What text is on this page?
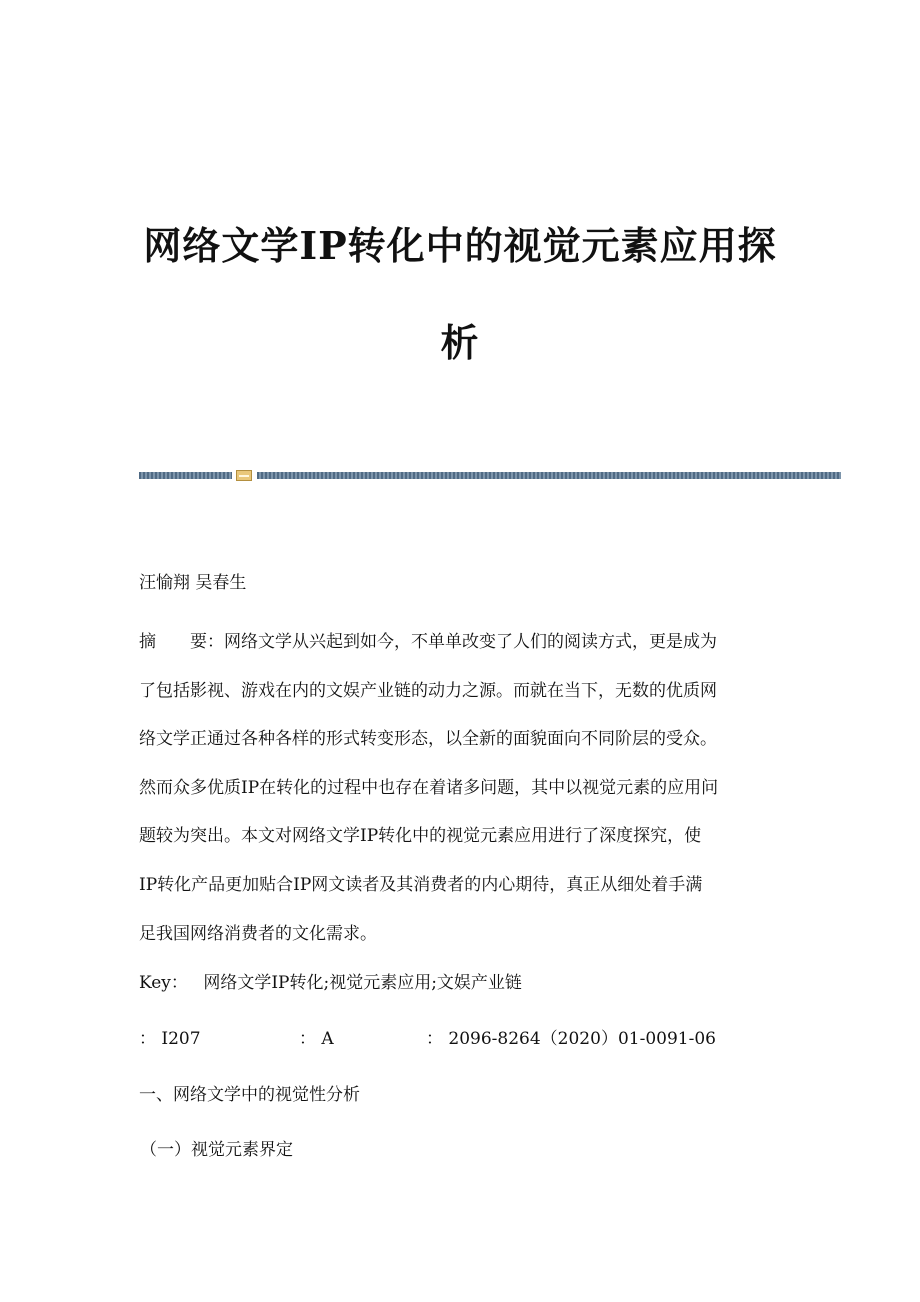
网络文学IP转化中的视觉元素应用探
析
汪愉翔 吴春生

摘　　要：网络文学从兴起到如今，不单单改变了人们的阅读方式，更是成为

了包括影视、游戏在内的文娱产业链的动力之源。而就在当下，无数的优质网

络文学正通过各种各样的形式转变形态，以全新的面貌面向不同阶层的受众。

然而众多优质IP在转化的过程中也存在着诸多问题，其中以视觉元素的应用问

题较为突出。本文对网络文学IP转化中的视觉元素应用进行了深度探究，使

IP转化产品更加贴合IP网文读者及其消费者的内心期待，真正从细处着手满

足我国网络消费者的文化需求。

Key： 网络文学IP转化;视觉元素应用;文娱产业链
： I207	： A	： 2096-8264（2020）01-0091-06
一、网络文学中的视觉性分析
（一）视觉元素界定
